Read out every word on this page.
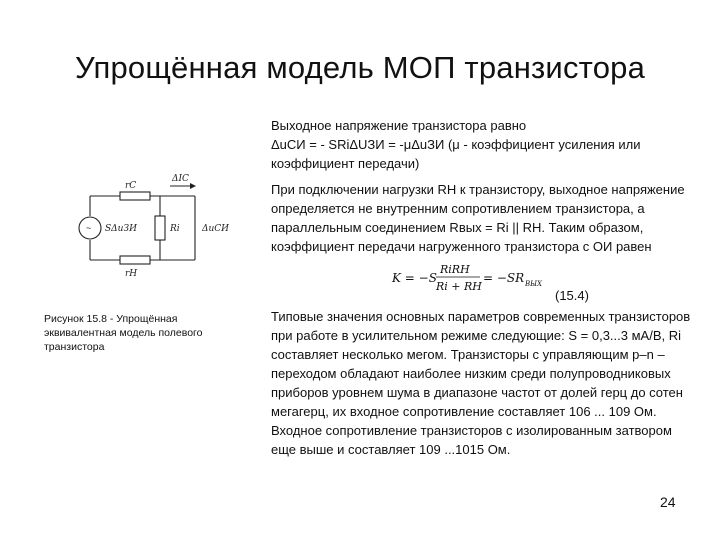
Упрощённая модель МОП транзистора
rC
ΔIC
SΔuЗИ	Ri ΔuСИ
rH
~
Рисунок 15.8 - Упрощённая эквивалентная модель полевого транзистора
Выходное напряжение транзистора равно
ΔuСИ = - SRiΔUЗИ = -μΔuЗИ (μ - коэффициент усиления или
коэффициент передачи)
При подключении нагрузки RН к транзистору, выходное напряжение определяется не внутренним сопротивлением транзистора, а параллельным соединением Rвых = Ri || RН. Таким образом, коэффициент передачи нагруженного транзистора с ОИ равен
K = −S
RiRH
Ri + RH
= −SR ВЫХ
(15.4)
Типовые значения основных параметров современных транзисторов при работе в усилительном режиме следующие: S = 0,3...3 мА/В, Ri составляет несколько мегом. Транзисторы с управляющим р–n – переходом обладают наиболее низким среди полупроводниковых приборов уровнем шума в диапазоне частот от долей герц до сотен мегагерц, их входное сопротивление составляет 106 ... 109 Ом. Входное сопротивление транзисторов с изолированным затвором еще выше и составляет 109 ...1015 Ом.
24
